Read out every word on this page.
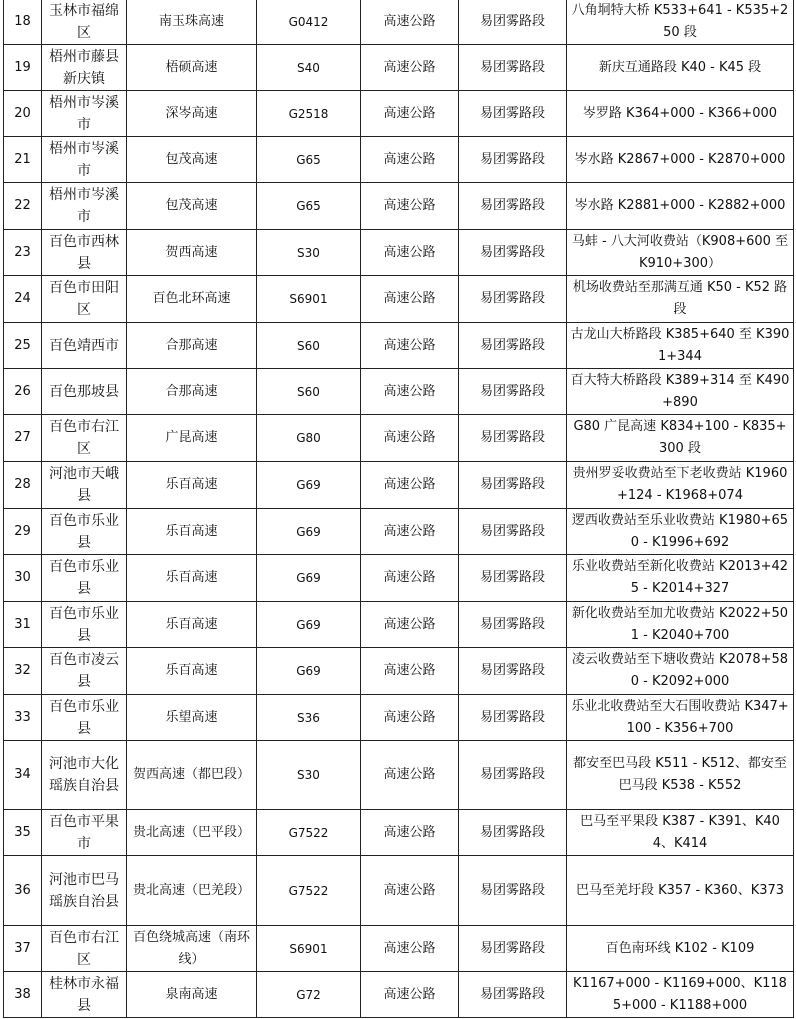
18	玉林市福绵区	南玉珠高速	G0412	高速公路	易团雾路段	八角垌特大桥 K533+641 - K535+250 段
19	梧州市藤县新庆镇	梧硕高速	S40	高速公路	易团雾路段	新庆互通路段 K40 - K45 段
20	梧州市岑溪市	深岑高速	G2518	高速公路	易团雾路段	岑罗路 K364+000 - K366+000
21	梧州市岑溪市	包茂高速	G65	高速公路	易团雾路段	岑水路 K2867+000 - K2870+000
22	梧州市岑溪市	包茂高速	G65	高速公路	易团雾路段	岑水路 K2881+000 - K2882+000
23	百色市西林县	贺西高速	S30	高速公路	易团雾路段	马蚌 - 八大河收费站（K908+600 至 K910+300）
24	百色市田阳区	百色北环高速	S6901	高速公路	易团雾路段	机场收费站至那满互通 K50 - K52 路段
25	百色靖西市	合那高速	S60	高速公路	易团雾路段	古龙山大桥路段 K385+640 至 K3901+344
26	百色那坡县	合那高速	S60	高速公路	易团雾路段	百大特大桥路段 K389+314 至 K490+890
27	百色市右江区	广昆高速	G80	高速公路	易团雾路段	G80 广昆高速 K834+100 - K835+300 段
28	河池市天峨县	乐百高速	G69	高速公路	易团雾路段	贵州罗妥收费站至下老收费站 K1960+124 - K1968+074
29	百色市乐业县	乐百高速	G69	高速公路	易团雾路段	逻西收费站至乐业收费站 K1980+650 - K1996+692
30	百色市乐业县	乐百高速	G69	高速公路	易团雾路段	乐业收费站至新化收费站 K2013+425 - K2014+327
31	百色市乐业县	乐百高速	G69	高速公路	易团雾路段	新化收费站至加尤收费站 K2022+501 - K2040+700
32	百色市凌云县	乐百高速	G69	高速公路	易团雾路段	凌云收费站至下塘收费站 K2078+580 - K2092+000
33	百色市乐业县	乐望高速	S36	高速公路	易团雾路段	乐业北收费站至大石围收费站 K347+100 - K356+700
34	河池市大化瑶族自治县	贺西高速（都巴段）	S30	高速公路	易团雾路段	都安至巴马段 K511 - K512、都安至巴马段 K538 - K552
35	百色市平果市	贵北高速（巴平段）	G7522	高速公路	易团雾路段	巴马至平果段 K387 - K391、K404、K414
36	河池市巴马瑶族自治县	贵北高速（巴羌段）	G7522	高速公路	易团雾路段	巴马至羌圩段 K357 - K360、K373
37	百色市右江区	百色绕城高速（南环线）	S6901	高速公路	易团雾路段	百色南环线 K102 - K109
38	桂林市永福县	泉南高速	G72	高速公路	易团雾路段	K1167+000 - K1169+000、K1185+000 - K1188+000
